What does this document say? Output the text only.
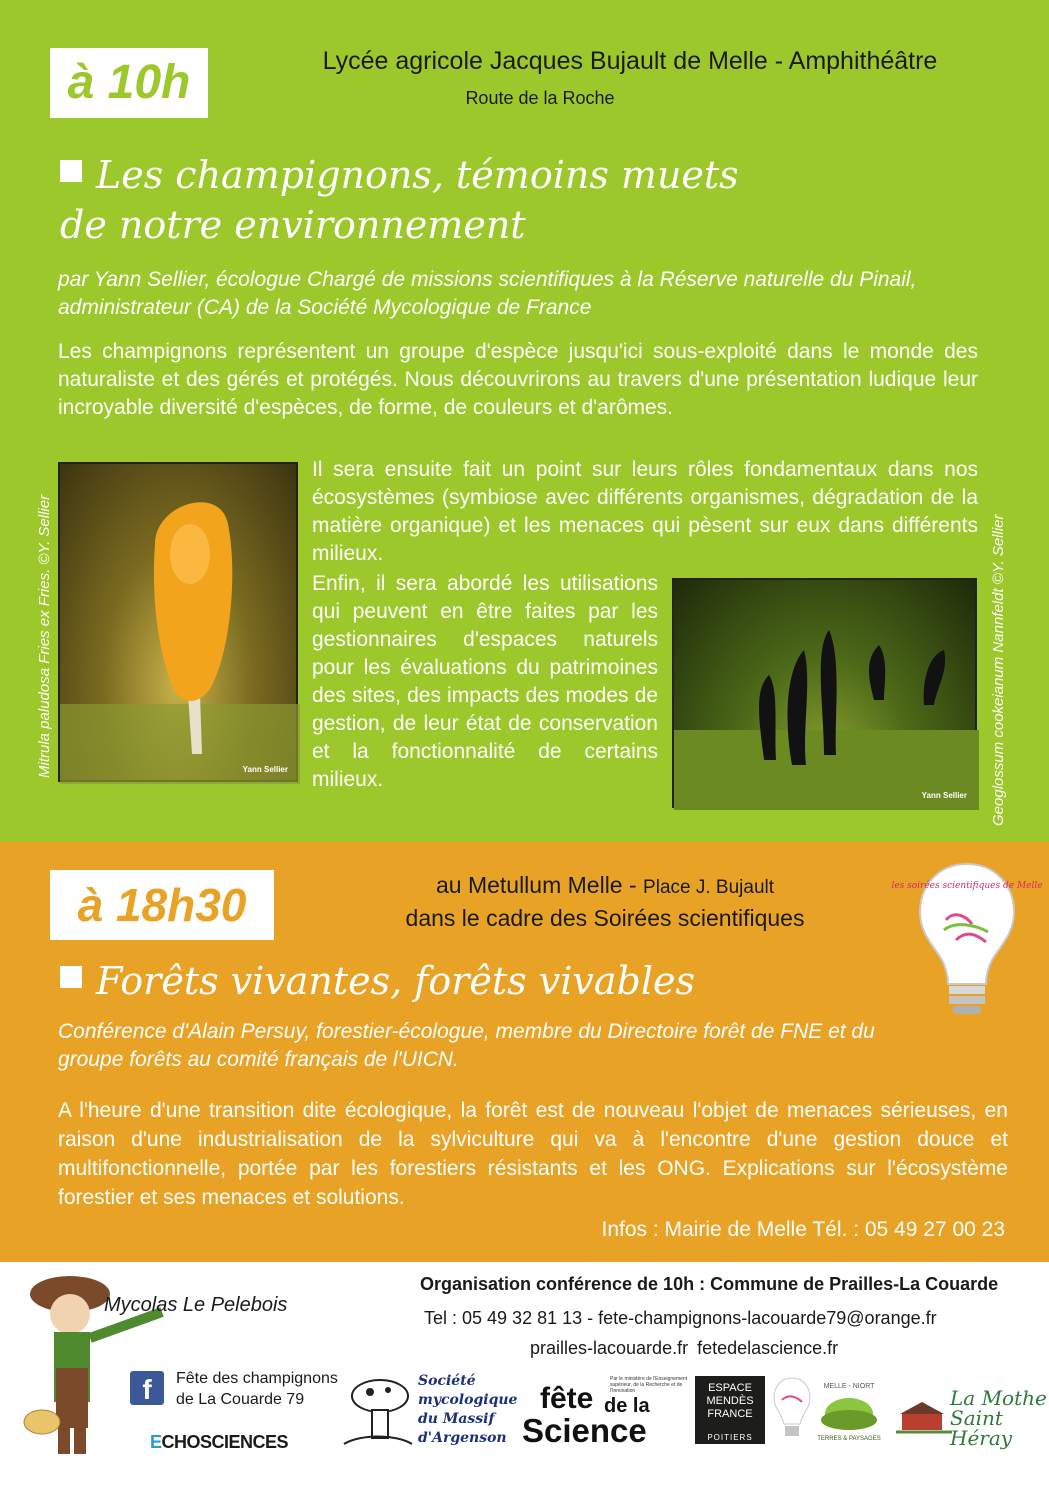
à 10h	Lycée agricole Jacques Bujault de Melle - Amphithéâtre
Route de la Roche
Les champignons, témoins muets
de notre environnement
par Yann Sellier, écologue Chargé de missions scientifiques à la Réserve naturelle du Pinail, administrateur (CA) de la Société Mycologique de France
Les champignons représentent un groupe d'espèce jusqu'ici sous-exploité dans le monde des naturaliste et des gérés et protégés. Nous découvrirons au travers d'une présentation ludique leur incroyable diversité d'espèces, de forme, de couleurs et d'arômes.
Yann Sellier
Mitrula paludosa Fries ex Fries. ©Y. Sellier
Il sera ensuite fait un point sur leurs rôles fondamentaux dans nos écosystèmes (symbiose avec différents organismes, dégradation de la matière organique) et les menaces qui pèsent sur eux dans différents milieux.
Enfin, il sera abordé les utilisations qui peuvent en être faites par les gestionnaires d'espaces naturels pour les évaluations du patrimoines des sites, des impacts des modes de gestion, de leur état de conservation et la fonctionnalité de certains milieux.
Yann Sellier Geoglossum cookeianum Nannfeldt ©Y. Sellier
à 18h30	au Metullum Melle - Place J. Bujault
dans le cadre des Soirées scientifiques
les soirées scientifiques de Melle
Forêts vivantes, forêts vivables
Conférence d'Alain Persuy, forestier-écologue, membre du Directoire forêt de FNE et du groupe forêts au comité français de l'UICN.
A l'heure d'une transition dite écologique, la forêt est de nouveau l'objet de menaces sérieuses, en raison d'une industrialisation de la sylviculture qui va à l'encontre d'une gestion douce et multifonctionnelle, portée par les forestiers résistants et les ONG. Explications sur l'écosystème forestier et ses menaces et solutions.
Infos : Mairie de Melle Tél. : 05 49 27 00 23
Mycolas Le Pelebois
Organisation conférence de 10h : Commune de Prailles-La Couarde
Tel : 05 49 32 81 13 - fete-champignons-lacouarde79@orange.fr
prailles-lacouarde.fr fetedelascience.fr
f	Fête des champignons
de La Couarde 79
ECHOSCIENCES
Société
mycologique
du Massif
d'Argenson
fête de la
Science
Par le ministère de l'Enseignement supérieur, de la Recherche et de l'Innovation	ESPACE
MENDÈS
FRANCE
POITIERS
MELLE - NIORT
TERRES & PAYSAGES
La Mothe
Saint Héray
